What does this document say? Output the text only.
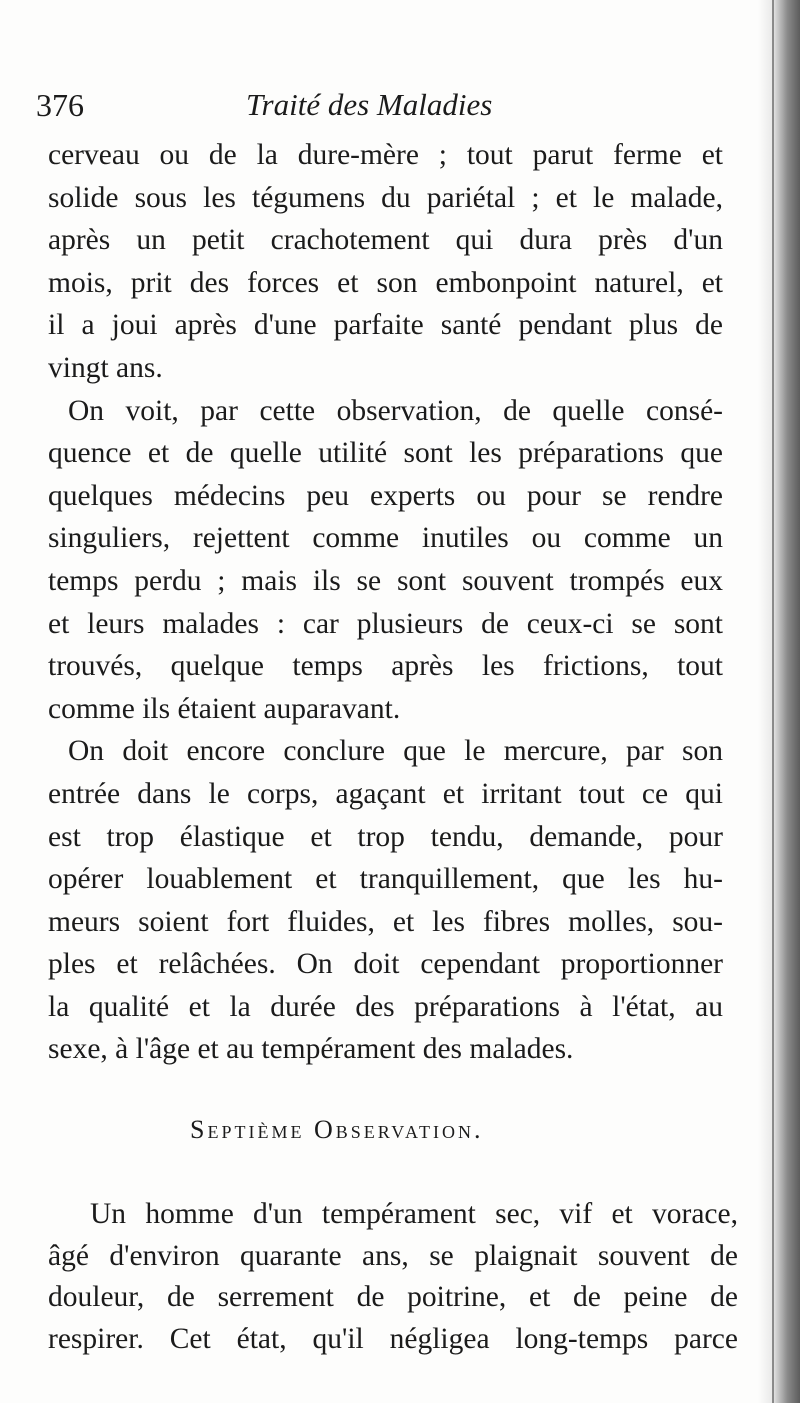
376	Traité des Maladies
cerveau ou de la dure-mère ; tout parut ferme et
solide sous les tégumens du pariétal ; et le malade,
après un petit crachotement qui dura près d'un
mois, prit des forces et son embonpoint naturel, et
il a joui après d'une parfaite santé pendant plus de
vingt ans.
On voit, par cette observation, de quelle consé-
quence et de quelle utilité sont les préparations que
quelques médecins peu experts ou pour se rendre
singuliers, rejettent comme inutiles ou comme un
temps perdu ; mais ils se sont souvent trompés eux
et leurs malades : car plusieurs de ceux-ci se sont
trouvés, quelque temps après les frictions, tout
comme ils étaient auparavant.
On doit encore conclure que le mercure, par son
entrée dans le corps, agaçant et irritant tout ce qui
est trop élastique et trop tendu, demande, pour
opérer louablement et tranquillement, que les hu-
meurs soient fort fluides, et les fibres molles, sou-
ples et relâchées. On doit cependant proportionner
la qualité et la durée des préparations à l'état, au
sexe, à l'âge et au tempérament des malades.
Septième Observation.
Un homme d'un tempérament sec, vif et vorace,
âgé d'environ quarante ans, se plaignait souvent de
douleur, de serrement de poitrine, et de peine de
respirer. Cet état, qu'il négligea long-temps parce
